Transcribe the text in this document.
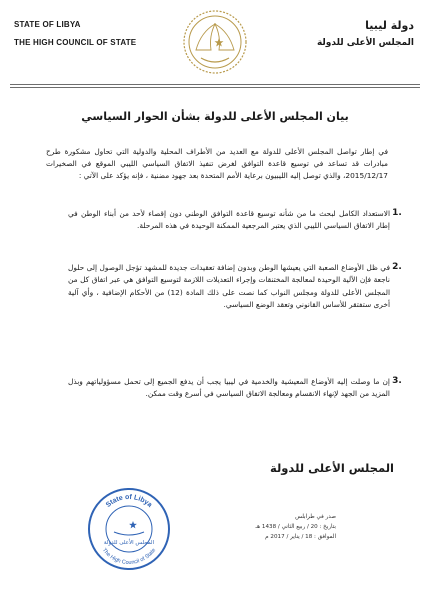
STATE OF LIBYA
THE HIGH COUNCIL OF STATE
دولة ليبيا
المجلس الأعلى للدولة
بيان المجلس الأعلى للدولة بشأن الحوار السياسي
في إطار تواصل المجلس الأعلى للدولة مع العديد من الأطراف المحلية والدولية التي تحاول مشكورة طرح مبادرات قد تساعد في توسيع قاعدة التوافق لغرض تنفيذ الاتفاق السياسي الليبي الموقع في الصخيرات 2015/12/17، والذي توصل إليه الليبيون برعاية الأمم المتحدة بعد جهود مضنية ، فإنه يؤكد على الآتي :
1.
الاستعداد الكامل لبحث ما من شأنه توسيع قاعدة التوافق الوطني دون إقصاء لأحد من أبناء الوطن في إطار الاتفاق السياسي الليبي الذي يعتبر المرجعية الممكنة الوحيدة في هذه المرحلة.
2.
في ظل الأوضاع الصعبة التي يعيشها الوطن وبدون إضافة تعقيدات جديدة للمشهد تؤجل الوصول إلى حلول ناجعة فإن الآلية الوحيدة لمعالجة المختنقات وإجراء التعديلات اللازمة لتوسيع التوافق هي عبر اتفاق كل من المجلس الأعلى للدولة ومجلس النواب كما نصت على ذلك المادة (12) من الأحكام الإضافية ، وأي آلية أخرى ستفتقر للأساس القانوني وتعقد الوضع السياسي.
3.
إن ما وصلت إليه الأوضاع المعيشية والخدمية في ليبيا يجب أن يدفع الجميع إلى تحمل مسؤولياتهم وبذل المزيد من الجهد لإنهاء الانقسام ومعالجة الاتفاق السياسي في أسرع وقت ممكن.
المجلس الأعلى للدولة
State of Libya
The High Council of State
المجلس الأعلى للدولة
صدر في طرابلس
بتاريخ : 20 / ربيع الثاني / 1438 هـ
الموافق : 18 / يناير / 2017 م
